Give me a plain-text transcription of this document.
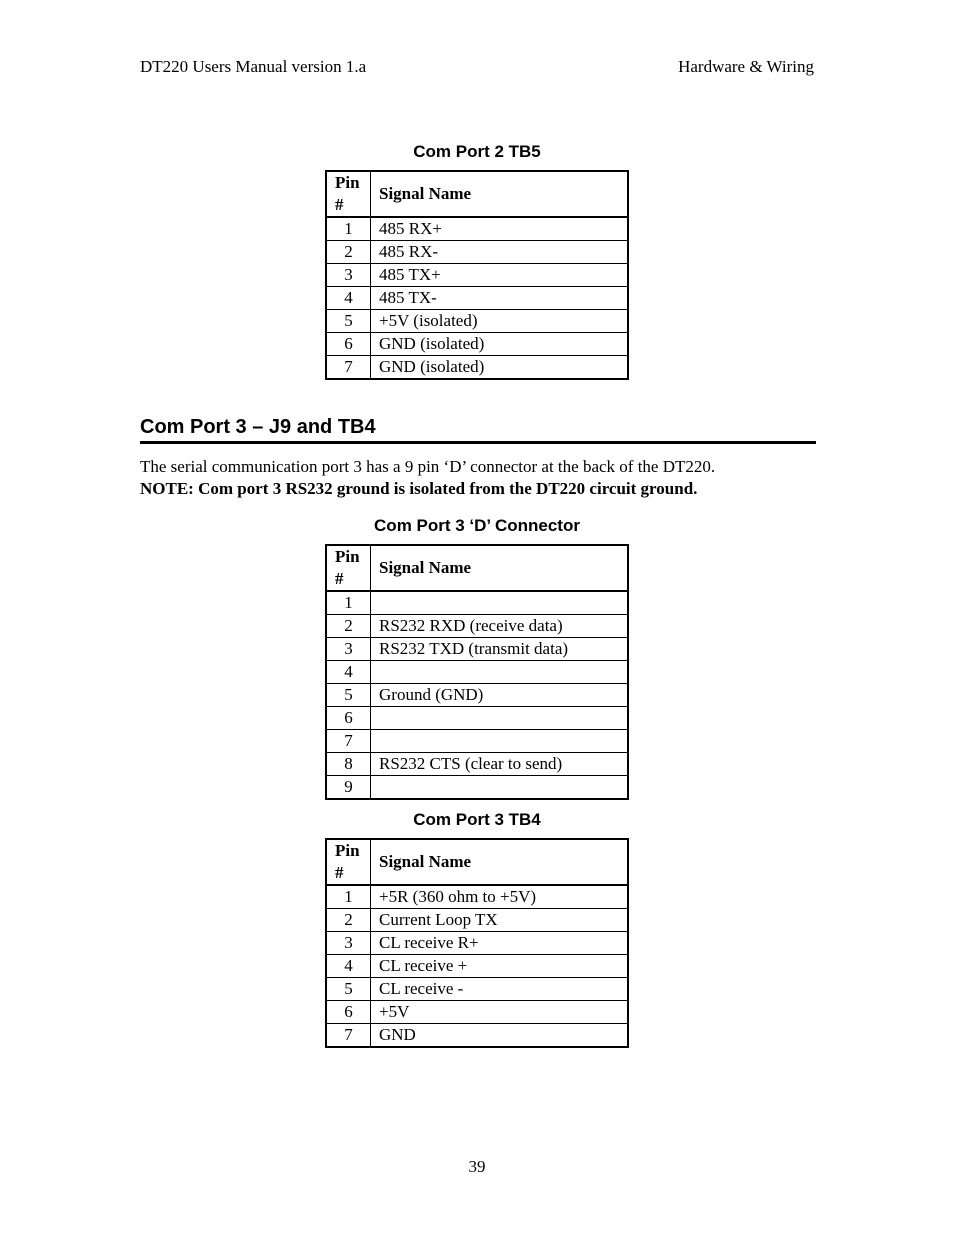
DT220 Users Manual version 1.a	Hardware & Wiring
Com Port 2 TB5
Pin #	Signal Name
1	485 RX+
2	485 RX-
3	485 TX+
4	485 TX-
5	+5V (isolated)
6	GND (isolated)
7	GND (isolated)
Com Port 3 – J9 and TB4
The serial communication port 3 has a 9 pin ‘D’ connector at the back of the DT220.
NOTE: Com port 3 RS232 ground is isolated from the DT220 circuit ground.
Com Port 3 ‘D’ Connector
Pin #	Signal Name
1	
2	RS232 RXD (receive data)
3	RS232 TXD (transmit data)
4	
5	Ground (GND)
6	
7	
8	RS232 CTS (clear to send)
9	
Com Port 3 TB4
Pin #	Signal Name
1	+5R (360 ohm to +5V)
2	Current Loop TX
3	CL receive R+
4	CL receive +
5	CL receive -
6	+5V
7	GND
39
